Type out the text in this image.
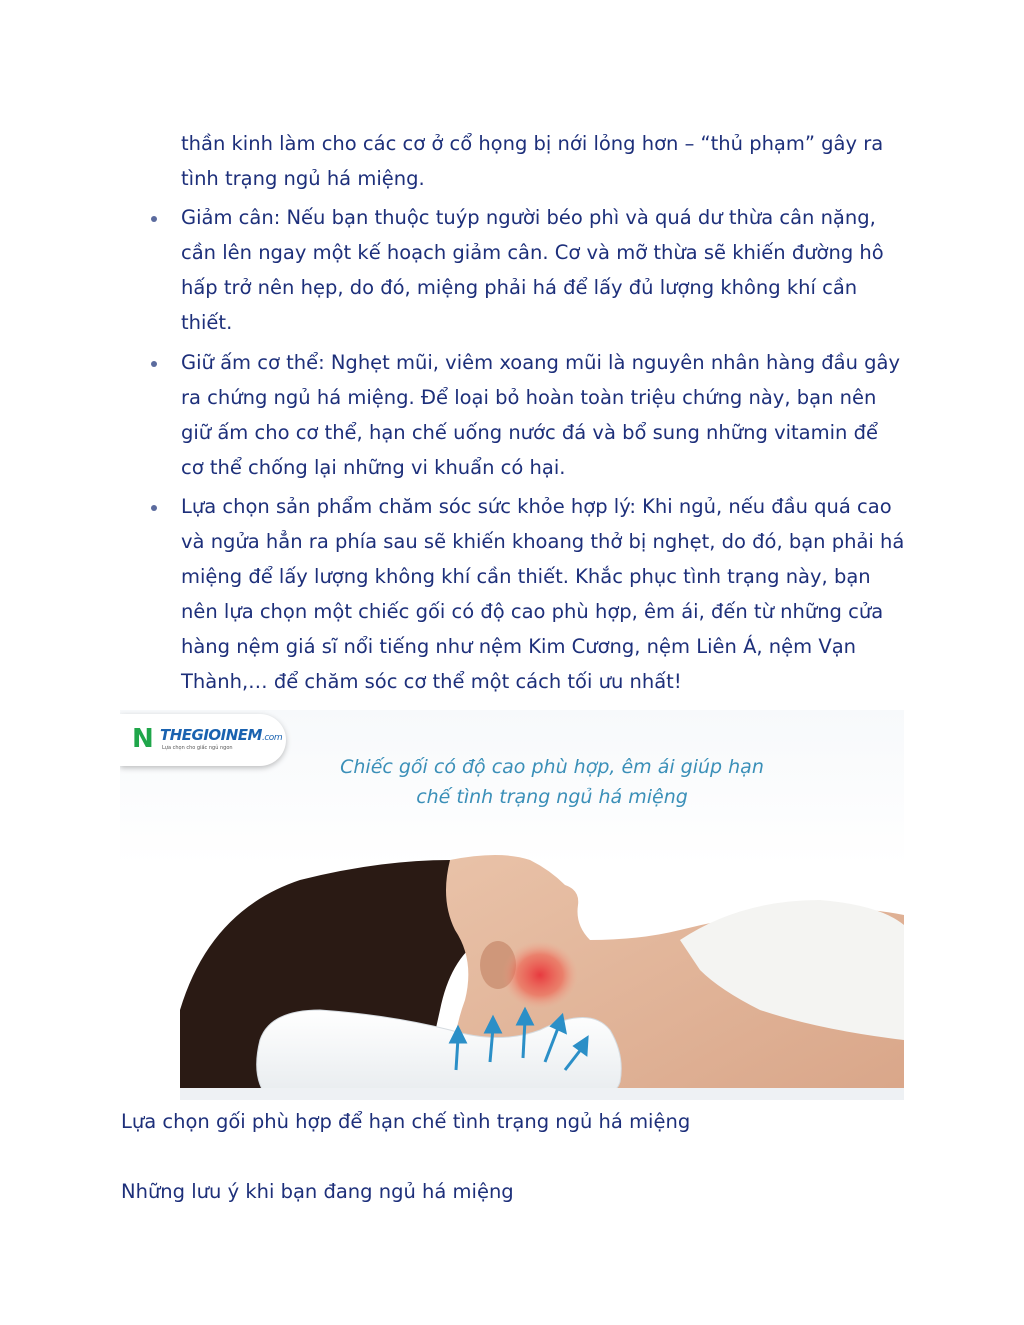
thần kinh làm cho các cơ ở cổ họng bị nới lỏng hơn – “thủ phạm” gây ra
tình trạng ngủ há miệng.
Giảm cân: Nếu bạn thuộc tuýp người béo phì và quá dư thừa cân nặng,
cần lên ngay một kế hoạch giảm cân. Cơ và mỡ thừa sẽ khiến đường hô
hấp trở nên hẹp, do đó, miệng phải há để lấy đủ lượng không khí cần
thiết.
Giữ ấm cơ thể: Nghẹt mũi, viêm xoang mũi là nguyên nhân hàng đầu gây
ra chứng ngủ há miệng. Để loại bỏ hoàn toàn triệu chứng này, bạn nên
giữ ấm cho cơ thể, hạn chế uống nước đá và bổ sung những vitamin để
cơ thể chống lại những vi khuẩn có hại.
Lựa chọn sản phẩm chăm sóc sức khỏe hợp lý: Khi ngủ, nếu đầu quá cao
và ngửa hẳn ra phía sau sẽ khiến khoang thở bị nghẹt, do đó, bạn phải há
miệng để lấy lượng không khí cần thiết. Khắc phục tình trạng này, bạn
nên lựa chọn một chiếc gối có độ cao phù hợp, êm ái, đến từ những cửa
hàng nệm giá sĩ nổi tiếng như nệm Kim Cương, nệm Liên Á, nệm Vạn
Thành,… để chăm sóc cơ thể một cách tối ưu nhất!
N THEGIOINEM.com
Lựa chọn cho giấc ngủ ngon
Chiếc gối có độ cao phù hợp, êm ái giúp hạn
chế tình trạng ngủ há miệng
Lựa chọn gối phù hợp để hạn chế tình trạng ngủ há miệng
Những lưu ý khi bạn đang ngủ há miệng
